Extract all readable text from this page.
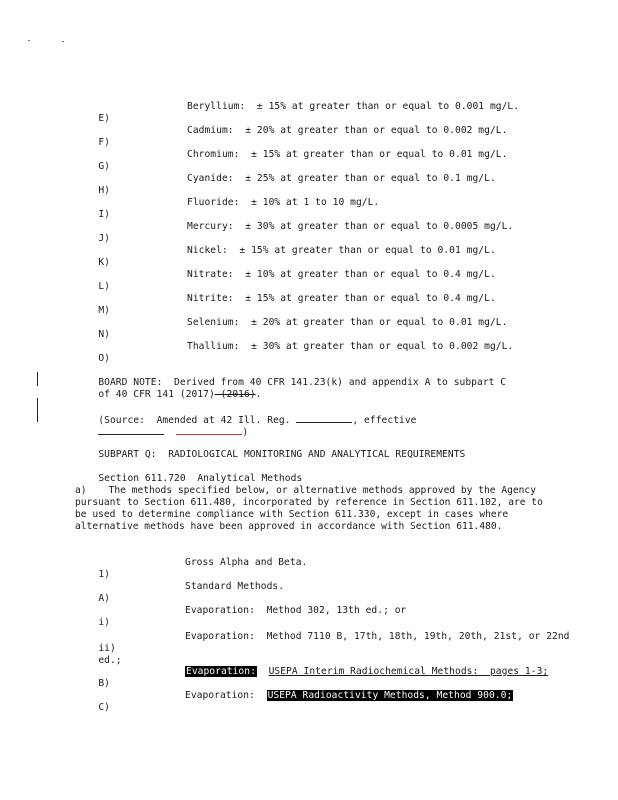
E)
Beryllium:  ± 15% at greater than or equal to 0.001 mg/L.

F)
Cadmium:  ± 20% at greater than or equal to 0.002 mg/L.

G)
Chromium:  ± 15% at greater than or equal to 0.01 mg/L.

H)
Cyanide:  ± 25% at greater than or equal to 0.1 mg/L.

I)
Fluoride:  ± 10% at 1 to 10 mg/L.

J)
Mercury:  ± 30% at greater than or equal to 0.0005 mg/L.

K)
Nickel:  ± 15% at greater than or equal to 0.01 mg/L.

L)
Nitrate:  ± 10% at greater than or equal to 0.4 mg/L.

M)
Nitrite:  ± 15% at greater than or equal to 0.4 mg/L.

N)
Selenium:  ± 20% at greater than or equal to 0.01 mg/L.

O)
Thallium:  ± 30% at greater than or equal to 0.002 mg/L.

BOARD NOTE:  Derived from 40 CFR 141.23(k) and appendix A to subpart C

of 40 CFR 141 (2017) (2016).

(Source:  Amended at 42 Ill. Reg.	, effective

)

SUBPART Q:  RADIOLOGICAL MONITORING AND ANALYTICAL REQUIREMENTS

Section 611.720  Analytical Methods

a) The methods specified below, or alternative methods approved by the Agency pursuant to Section 611.480, incorporated by reference in Section 611.102, are to be used to determine compliance with Section 611.330, except in cases where alternative methods have been approved in accordance with Section 611.480.

1)
Gross Alpha and Beta.

A)
Standard Methods.

i)
Evaporation:  Method 302, 13th ed.; or

ii)
Evaporation:  Method 7110 B, 17th, 18th, 19th, 20th, 21st, or 22nd

ed.;

B)
Evaporation: USEPA Interim Radiochemical Methods:  pages 1-3;

C)
Evaporation: USEPA Radioactivity Methods, Method 900.0;
